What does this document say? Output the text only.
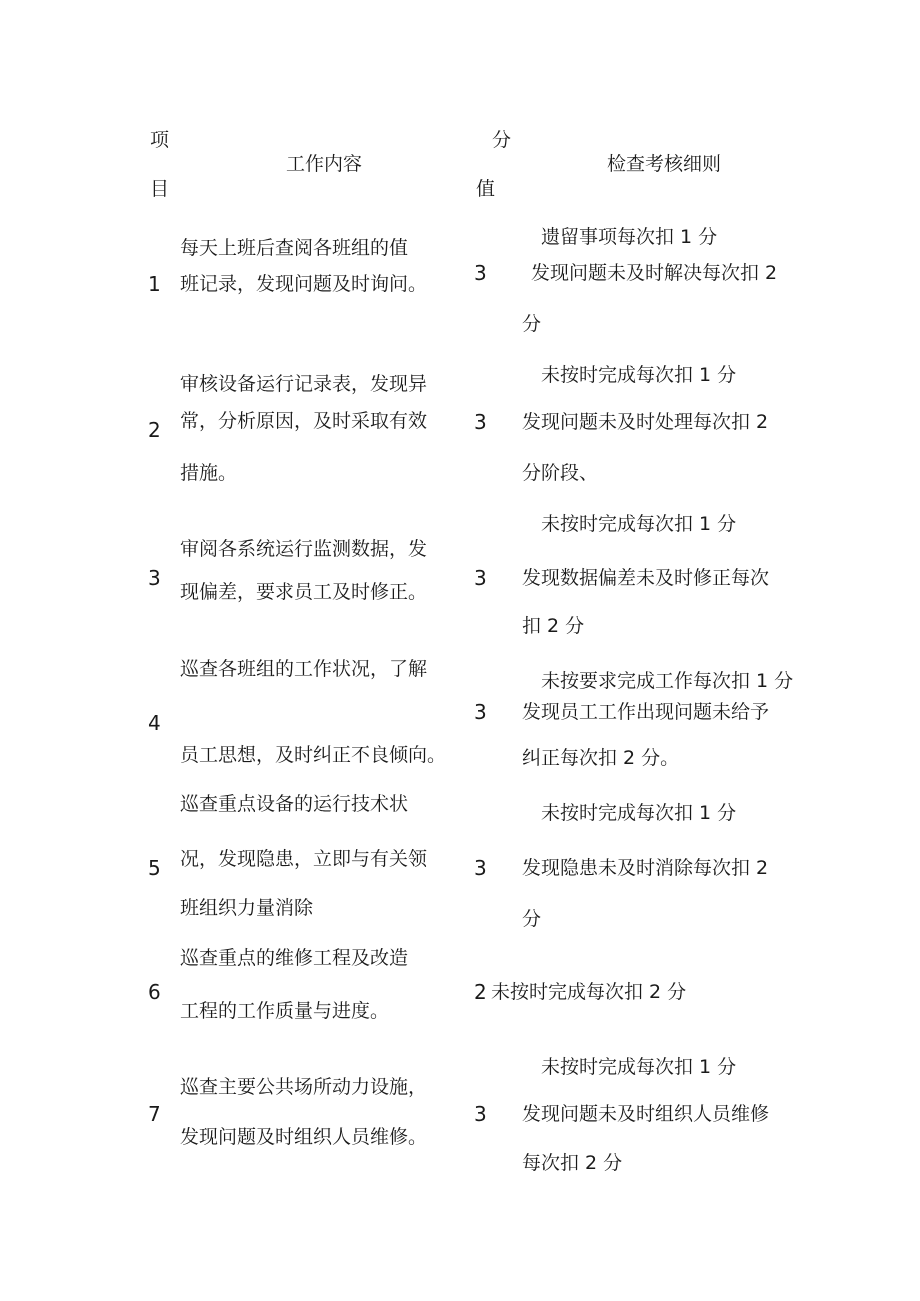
项
目
工作内容
分
值
检查考核细则
1
每天上班后查阅各班组的值
班记录，发现问题及时询问。 3
遗留事项每次扣 1 分
发现问题未及时解决每次扣 2
分
2
审核设备运行记录表，发现异
常，分析原因，及时采取有效
措施。
3
未按时完成每次扣 1 分
发现问题未及时处理每次扣 2
分阶段、
3
审阅各系统运行监测数据，发
现偏差，要求员工及时修正。
3
未按时完成每次扣 1 分
发现数据偏差未及时修正每次
扣 2 分
4
巡查各班组的工作状况，了解
员工思想，及时纠正不良倾向。
3
未按要求完成工作每次扣 1 分
发现员工工作出现问题未给予
纠正每次扣 2 分。
5
巡查重点设备的运行技术状
况，发现隐患，立即与有关领
班组织力量消除
3
未按时完成每次扣 1 分
发现隐患未及时消除每次扣 2
分
6
巡查重点的维修工程及改造
工程的工作质量与进度。
2 未按时完成每次扣 2 分
7
巡查主要公共场所动力设施，
发现问题及时组织人员维修。
3
未按时完成每次扣 1 分
发现问题未及时组织人员维修
每次扣 2 分
